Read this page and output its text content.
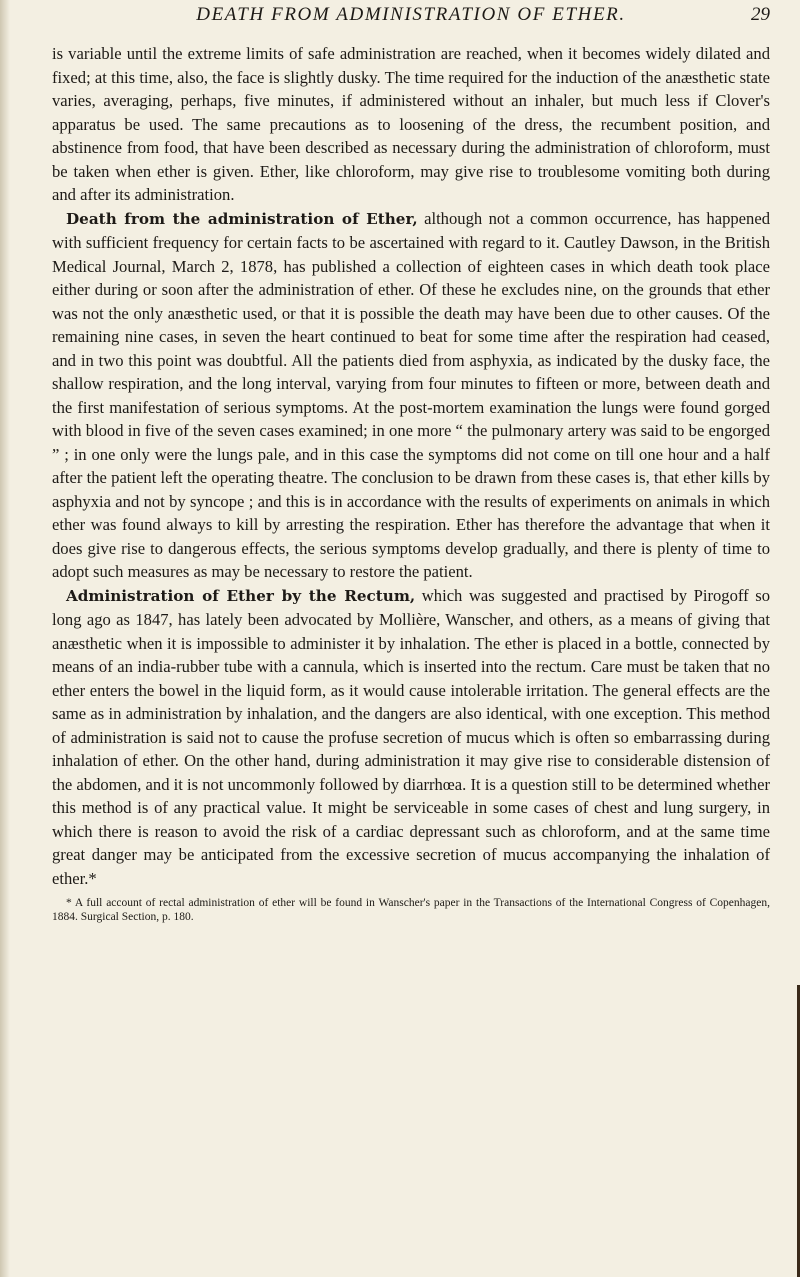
DEATH FROM ADMINISTRATION OF ETHER.	29

is variable until the extreme limits of safe administration are reached, when it becomes widely dilated and fixed; at this time, also, the face is slightly dusky. The time required for the induction of the anæsthetic state varies, averaging, perhaps, five minutes, if administered without an inhaler, but much less if Clover's apparatus be used. The same precautions as to loosening of the dress, the recumbent position, and abstinence from food, that have been described as necessary during the administration of chloroform, must be taken when ether is given. Ether, like chloroform, may give rise to troublesome vomiting both during and after its administration.

Death from the administration of Ether, although not a common occurrence, has happened with sufficient frequency for certain facts to be ascertained with regard to it. Cautley Dawson, in the British Medical Journal, March 2, 1878, has published a collection of eighteen cases in which death took place either during or soon after the administration of ether. Of these he excludes nine, on the grounds that ether was not the only anæsthetic used, or that it is possible the death may have been due to other causes. Of the remaining nine cases, in seven the heart continued to beat for some time after the respiration had ceased, and in two this point was doubtful. All the patients died from asphyxia, as indicated by the dusky face, the shallow respiration, and the long interval, varying from four minutes to fifteen or more, between death and the first manifestation of serious symptoms. At the post-mortem examination the lungs were found gorged with blood in five of the seven cases examined; in one more “ the pulmonary artery was said to be engorged ” ; in one only were the lungs pale, and in this case the symptoms did not come on till one hour and a half after the patient left the operating theatre. The conclusion to be drawn from these cases is, that ether kills by asphyxia and not by syncope ; and this is in accordance with the results of experiments on animals in which ether was found always to kill by arresting the respiration. Ether has therefore the advantage that when it does give rise to dangerous effects, the serious symptoms develop gradually, and there is plenty of time to adopt such measures as may be necessary to restore the patient.

Administration of Ether by the Rectum, which was suggested and practised by Pirogoff so long ago as 1847, has lately been advocated by Mollière, Wanscher, and others, as a means of giving that anæsthetic when it is impossible to administer it by inhalation. The ether is placed in a bottle, connected by means of an india-rubber tube with a cannula, which is inserted into the rectum. Care must be taken that no ether enters the bowel in the liquid form, as it would cause intolerable irritation. The general effects are the same as in administration by inhalation, and the dangers are also identical, with one exception. This method of administration is said not to cause the profuse secretion of mucus which is often so embarrassing during inhalation of ether. On the other hand, during administration it may give rise to considerable distension of the abdomen, and it is not uncommonly followed by diarrhœa. It is a question still to be determined whether this method is of any practical value. It might be serviceable in some cases of chest and lung surgery, in which there is reason to avoid the risk of a cardiac depressant such as chloroform, and at the same time great danger may be anticipated from the excessive secretion of mucus accompanying the inhalation of ether.*

* A full account of rectal administration of ether will be found in Wanscher's paper in the Transactions of the International Congress of Copenhagen, 1884. Surgical Section, p. 180.
